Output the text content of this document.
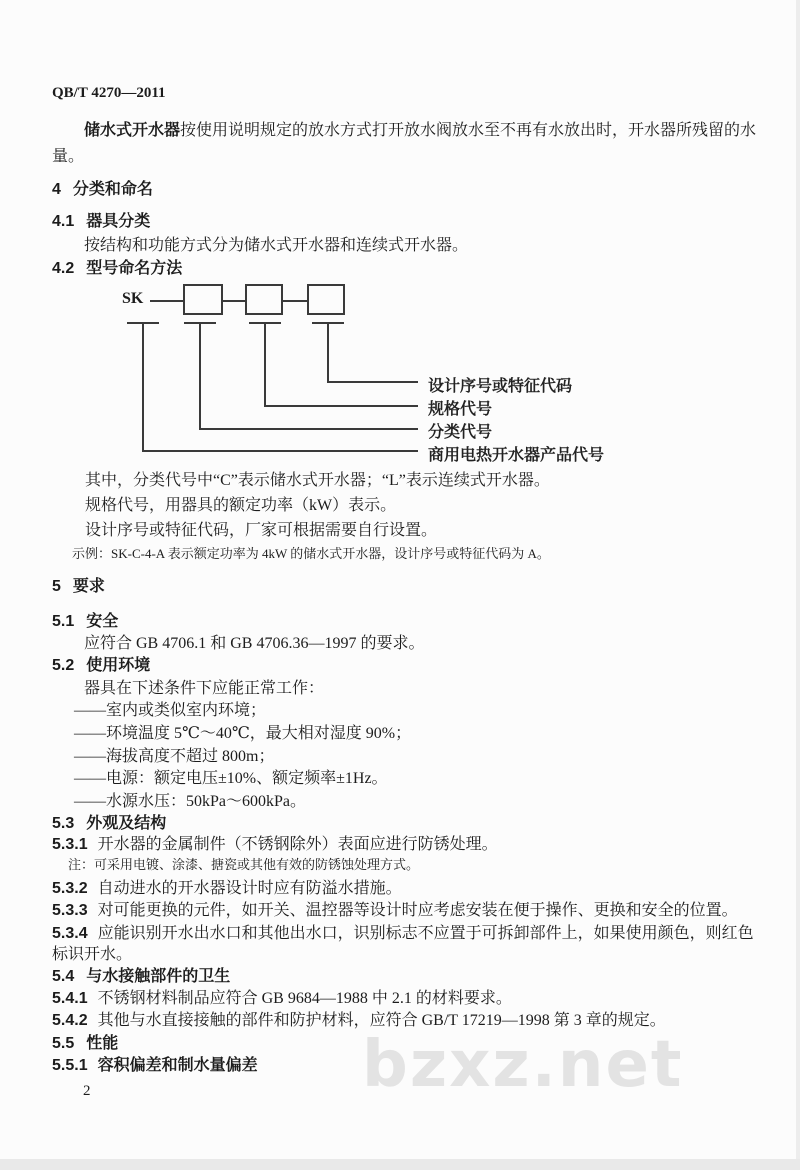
bzxz.net
QB/T 4270—2011
储水式开水器按使用说明规定的放水方式打开放水阀放水至不再有水放出时，开水器所残留的水
量。
4 分类和命名
4.1 器具分类
按结构和功能方式分为储水式开水器和连续式开水器。
4.2 型号命名方法
SK
设计序号或特征代码
规格代号
分类代号
商用电热开水器产品代号
其中，分类代号中“C”表示储水式开水器；“L”表示连续式开水器。
规格代号，用器具的额定功率（kW）表示。
设计序号或特征代码，厂家可根据需要自行设置。
示例：SK-C-4-A 表示额定功率为 4kW 的储水式开水器，设计序号或特征代码为 A。
5 要求
5.1 安全
应符合 GB 4706.1 和 GB 4706.36—1997 的要求。
5.2 使用环境
器具在下述条件下应能正常工作：
——室内或类似室内环境；
——环境温度 5℃～40℃，最大相对湿度 90%；
——海拔高度不超过 800m；
——电源：额定电压±10%、额定频率±1Hz。
——水源水压：50kPa～600kPa。
5.3 外观及结构
5.3.1 开水器的金属制件（不锈钢除外）表面应进行防锈处理。
注：可采用电镀、涂漆、搪瓷或其他有效的防锈蚀处理方式。
5.3.2 自动进水的开水器设计时应有防溢水措施。
5.3.3 对可能更换的元件，如开关、温控器等设计时应考虑安装在便于操作、更换和安全的位置。
5.3.4 应能识别开水出水口和其他出水口，识别标志不应置于可拆卸部件上，如果使用颜色，则红色
标识开水。
5.4 与水接触部件的卫生
5.4.1 不锈钢材料制品应符合 GB 9684—1988 中 2.1 的材料要求。
5.4.2 其他与水直接接触的部件和防护材料，应符合 GB/T 17219—1998 第 3 章的规定。
5.5 性能
5.5.1 容积偏差和制水量偏差
2
